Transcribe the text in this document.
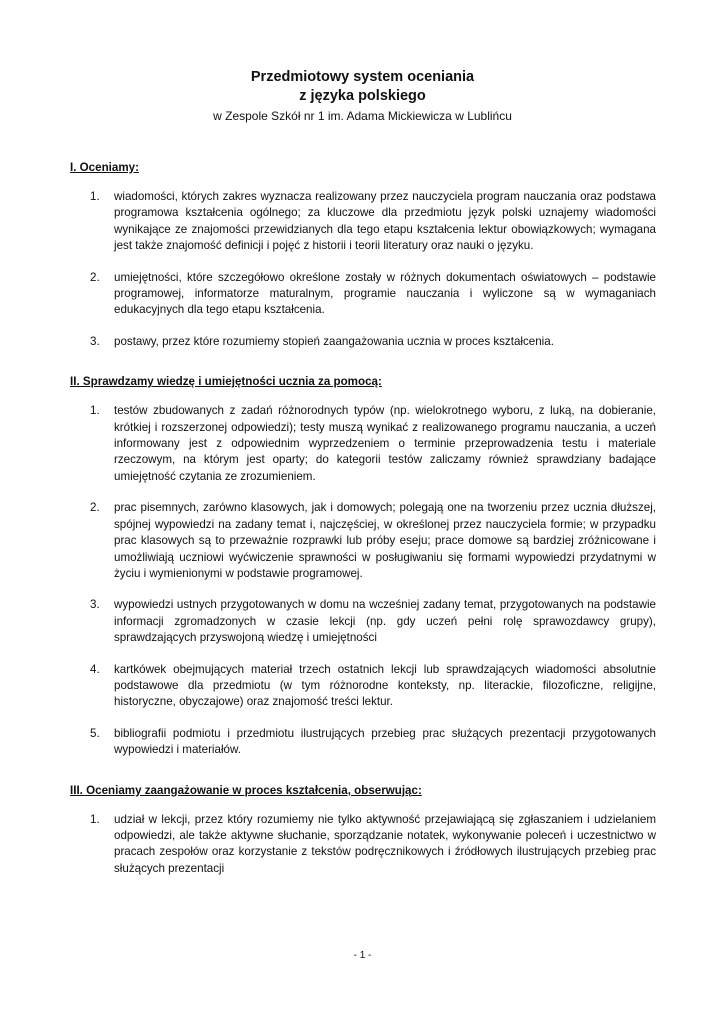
Przedmiotowy system oceniania
z języka polskiego
w Zespole Szkół nr 1 im. Adama Mickiewicza w Lublińcu
I. Oceniamy:
1.	wiadomości, których zakres wyznacza realizowany przez nauczyciela program nauczania oraz podstawa programowa kształcenia ogólnego; za kluczowe dla przedmiotu język polski uznajemy wiadomości wynikające ze znajomości przewidzianych dla tego etapu kształcenia lektur obowiązkowych; wymagana jest także znajomość definicji i pojęć z historii i teorii literatury oraz nauki o języku.
2.	umiejętności, które szczegółowo określone zostały w różnych dokumentach oświatowych – podstawie programowej, informatorze maturalnym, programie nauczania i wyliczone są w wymaganiach edukacyjnych dla tego etapu kształcenia.
3.	postawy, przez które rozumiemy stopień zaangażowania ucznia w proces kształcenia.
II. Sprawdzamy wiedzę i umiejętności ucznia za pomocą:
1.	testów zbudowanych z zadań różnorodnych typów (np. wielokrotnego wyboru, z luką, na dobieranie, krótkiej i rozszerzonej odpowiedzi); testy muszą wynikać z realizowanego programu nauczania, a uczeń informowany jest z odpowiednim wyprzedzeniem o terminie przeprowadzenia testu i materiale rzeczowym, na którym jest oparty; do kategorii testów zaliczamy również sprawdziany badające umiejętność czytania ze zrozumieniem.
2.	prac pisemnych, zarówno klasowych, jak i domowych; polegają one na tworzeniu przez ucznia dłuższej, spójnej wypowiedzi na zadany temat i, najczęściej, w określonej przez nauczyciela formie; w przypadku prac klasowych są to przeważnie rozprawki lub próby eseju; prace domowe są bardziej zróżnicowane i umożliwiają uczniowi wyćwiczenie sprawności w posługiwaniu się formami wypowiedzi przydatnymi w życiu i wymienionymi w podstawie programowej.
3.	wypowiedzi ustnych przygotowanych w domu na wcześniej zadany temat, przygotowanych na podstawie informacji zgromadzonych w czasie lekcji (np. gdy uczeń pełni rolę sprawozdawcy grupy), sprawdzających przyswojoną wiedzę i umiejętności
4.	kartkówek obejmujących materiał trzech ostatnich lekcji lub sprawdzających wiadomości absolutnie podstawowe dla przedmiotu (w tym różnorodne konteksty, np. literackie, filozoficzne, religijne, historyczne, obyczajowe) oraz znajomość treści lektur.
5.	bibliografii podmiotu i przedmiotu ilustrujących przebieg prac służących prezentacji przygotowanych wypowiedzi i materiałów.
III. Oceniamy zaangażowanie w proces kształcenia, obserwując:
1.	udział w lekcji, przez który rozumiemy nie tylko aktywność przejawiającą się zgłaszaniem i udzielaniem odpowiedzi, ale także aktywne słuchanie, sporządzanie notatek, wykonywanie poleceń i uczestnictwo w pracach zespołów oraz korzystanie z tekstów podręcznikowych i źródłowych ilustrujących przebieg prac służących prezentacji
- 1 -
